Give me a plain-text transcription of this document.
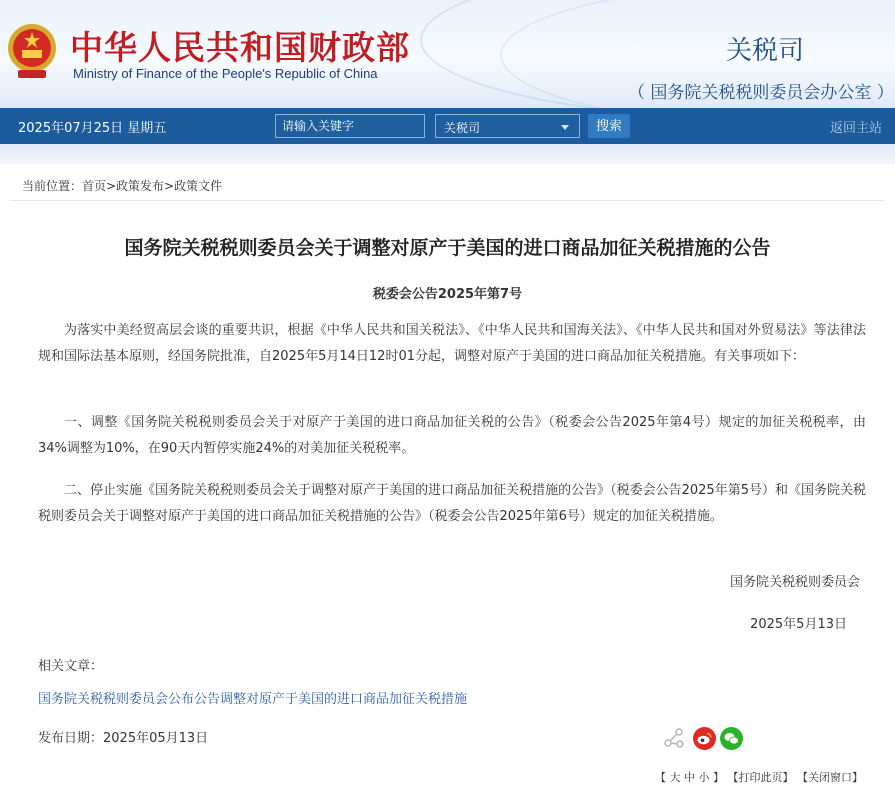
中华人民共和国财政部
Ministry of Finance of the People's Republic of China
关税司
（ 国务院关税税则委员会办公室 ）
2025年07月25日 星期五
请输入关键字	关税司	搜索	返回主站
当前位置：首页>政策发布>政策文件
国务院关税税则委员会关于调整对原产于美国的进口商品加征关税措施的公告
税委会公告2025年第7号
为落实中美经贸高层会谈的重要共识，根据《中华人民共和国关税法》、《中华人民共和国海关法》、《中华人民共和国对外贸易法》等法律法规和国际法基本原则，经国务院批准，自2025年5月14日12时01分起，调整对原产于美国的进口商品加征关税措施。有关事项如下：
一、调整《国务院关税税则委员会关于对原产于美国的进口商品加征关税的公告》（税委会公告2025年第4号）规定的加征关税税率，由34%调整为10%，在90天内暂停实施24%的对美加征关税税率。
二、停止实施《国务院关税税则委员会关于调整对原产于美国的进口商品加征关税措施的公告》（税委会公告2025年第5号）和《国务院关税税则委员会关于调整对原产于美国的进口商品加征关税措施的公告》（税委会公告2025年第6号）规定的加征关税措施。
国务院关税税则委员会
2025年5月13日
相关文章：
国务院关税税则委员会公布公告调整对原产于美国的进口商品加征关税措施
发布日期：2025年05月13日
【 大 中 小 】 【打印此页】 【关闭窗口】
